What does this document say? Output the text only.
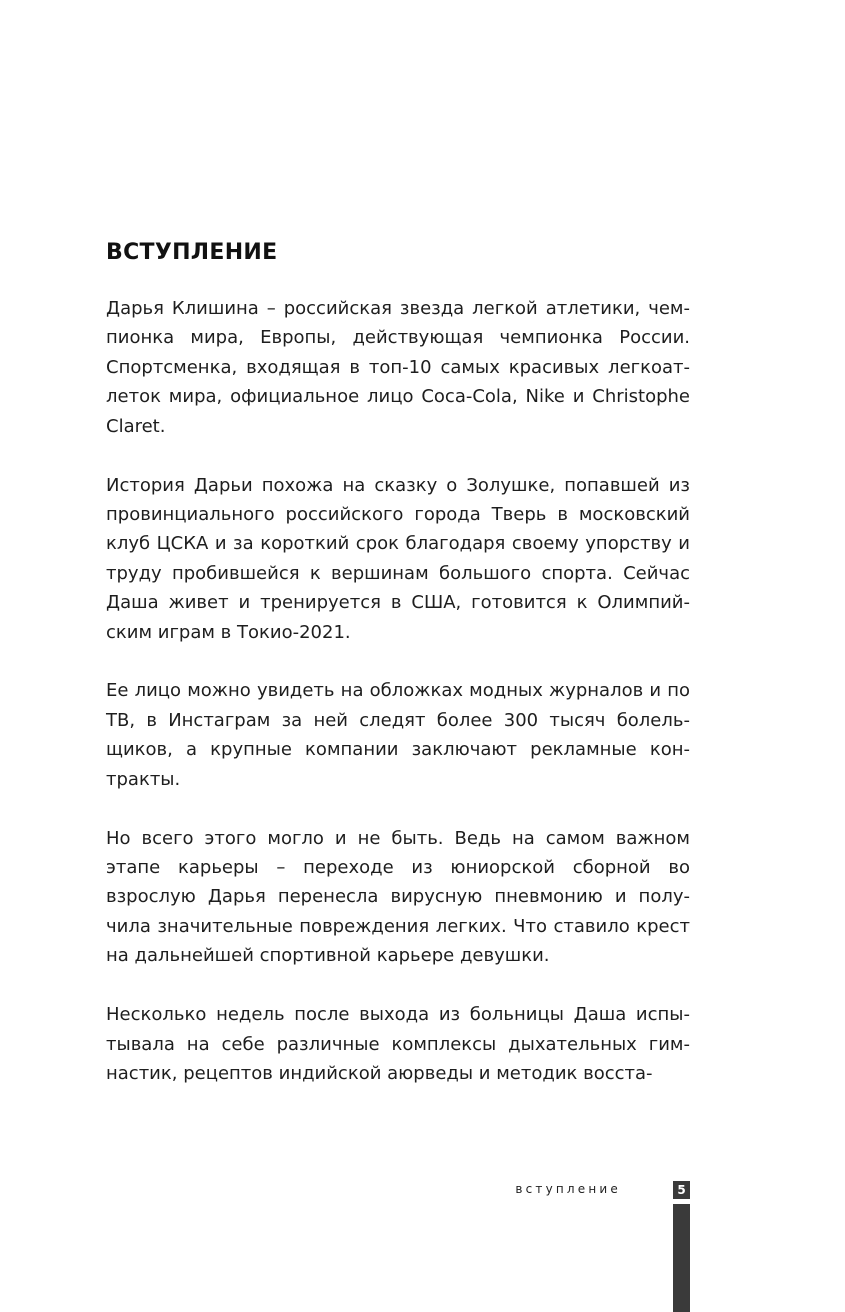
ВСТУПЛЕНИЕ

Дарья Клишина – российская звезда легкой атлетики, чемпионка мира, Европы, действующая чемпионка России. Спортсменка, входящая в топ-10 самых красивых легкоатлеток мира, официальное лицо Coca-Cola, Nike и Christophe Claret.

История Дарьи похожа на сказку о Золушке, попавшей из провинциального российского города Тверь в московский клуб ЦСКА и за короткий срок благодаря своему упорству и труду пробившейся к вершинам большого спорта. Сейчас Даша живет и тренируется в США, готовится к Олимпийским играм в Токио-2021.

Ее лицо можно увидеть на обложках модных журналов и по ТВ, в Инстаграм за ней следят более 300 тысяч болельщиков, а крупные компании заключают рекламные контракты.

Но всего этого могло и не быть. Ведь на самом важном этапе карьеры – переходе из юниорской сборной во взрослую Дарья перенесла вирусную пневмонию и получила значительные повреждения легких. Что ставило крест на дальнейшей спортивной карьере девушки.

Несколько недель после выхода из больницы Даша испытывала на себе различные комплексы дыхательных гимнастик, рецептов индийской аюрведы и методик восста-

вступление	5
